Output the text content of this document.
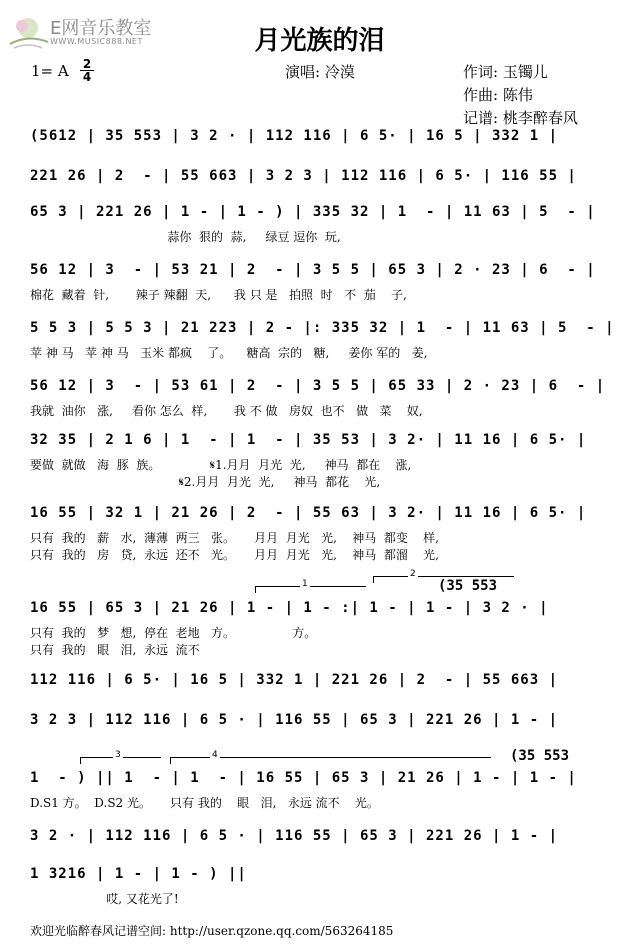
E网音乐教室
WWW.MUSIC888.NET	月光族的泪
1= A 2
4	演唱: 冷漠	作词: 玉镯儿
作曲: 陈伟
记谱: 桃李醉春风
(5612 | 35 553 | 3 2 · | 112 116 | 6 5· | 16 5 | 332 1 |
221 26 | 2  - | 55 663 | 3 2 3 | 112 116 | 6 5· | 116 55 |
65 3 | 221 26 | 1 - | 1 - ) | 335 32 | 1  - | 11 63 | 5  - |
蒜你  狠的  蒜,     绿豆 逗你  玩,
56 12 | 3  - | 53 21 | 2  - | 3 5 5 | 65 3 | 2 · 23 | 6  - |
棉花  藏着  针,       辣子 辣翻  天,      我 只 是   拍照  时   不  茄    子,
5 5 3 | 5 5 3 | 21 223 | 2 - |: 335 32 | 1  - | 11 63 | 5  - |
苹 神 马   苹 神 马   玉米 都疯    了。    糖高  宗的   糖,     姜你 军的   姜,
56 12 | 3  - | 53 61 | 2  - | 3 5 5 | 65 33 | 2 · 23 | 6  - |
我就  油你   涨,     看你 怎么  样,       我 不 做   房奴  也不   做   菜    奴,
32 35 | 2 1 6 | 1  - | 1  - | 35 53 | 3 2· | 11 16 | 6 5· |
要做  就做   海  豚  族。             𝄋1.月月  月光  光,     神马  都在    涨,
𝄋2.月月  月光  光,     神马  都花    光,
16 55 | 32 1 | 21 26 | 2  - | 55 63 | 3 2· | 11 16 | 6 5· |
只有  我的   薪   水,  薄薄  两三   张。     月月  月光   光,    神马  都变    样,
只有  我的   房   贷,  永远  还不   光。     月月  月光   光,    神马  都溜    光,
16 55 | 65 3 | 21 26 | 1 - | 1 - :| 1 - | 1 - | 3 2 · |
只有  我的   梦   想,  停在  老地   方。               方。
只有  我的   眼   泪,  永远  流不
112 116 | 6 5· | 16 5 | 332 1 | 221 26 | 2  - | 55 663 |
3 2 3 | 112 116 | 6 5 · | 116 55 | 65 3 | 221 26 | 1 - |
1  - ) || 1  - | 1  - | 16 55 | 65 3 | 21 26 | 1 - | 1 - |
D.S1 方。  D.S2 光。     只有 我的    眼   泪,   永远 流不    光。
3 2 · | 112 116 | 6 5 · | 116 55 | 65 3 | 221 26 | 1 - |
1 3216 | 1 - | 1 - ) ||
哎, 又花光了!
1
2
(35 553
3	4	(35 553
欢迎光临醉春风记谱空间: http://user.qzone.qq.com/563264185
